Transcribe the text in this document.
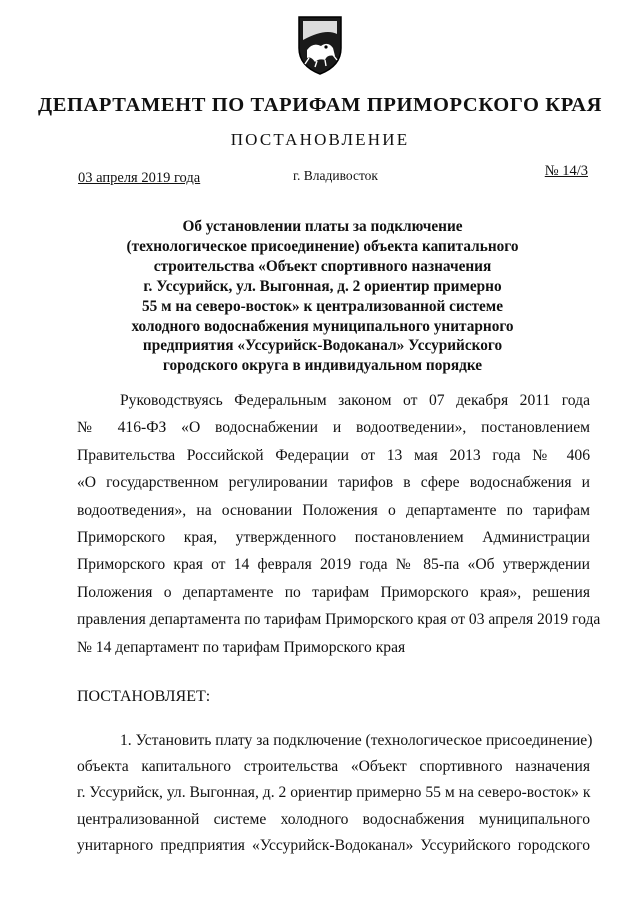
ДЕПАРТАМЕНТ ПО ТАРИФАМ ПРИМОРСКОГО КРАЯ
ПОСТАНОВЛЕНИЕ
03 апреля 2019 года	г. Владивосток	№ 14/3
Об установлении платы за подключение
(технологическое присоединение) объекта капитального
строительства «Объект спортивного назначения
г. Уссурийск, ул. Выгонная, д. 2 ориентир примерно
55 м на северо-восток» к централизованной системе
холодного водоснабжения муниципального унитарного
предприятия «Уссурийск-Водоканал» Уссурийского
городского округа в индивидуальном порядке
Руководствуясь Федеральным законом от 07 декабря 2011 года
№ 416-ФЗ «О водоснабжении и водоотведении», постановлением
Правительства Российской Федерации от 13 мая 2013 года № 406
«О государственном регулировании тарифов в сфере водоснабжения и
водоотведения», на основании Положения о департаменте по тарифам
Приморского края, утвержденного постановлением Администрации
Приморского края от 14 февраля 2019 года № 85-па «Об утверждении
Положения о департаменте по тарифам Приморского края», решения
правления департамента по тарифам Приморского края от 03 апреля 2019 года
№ 14 департамент по тарифам Приморского края
ПОСТАНОВЛЯЕТ:
1. Установить плату за подключение (технологическое присоединение)
объекта капитального строительства «Объект спортивного назначения
г. Уссурийск, ул. Выгонная, д. 2 ориентир примерно 55 м на северо-восток» к
централизованной системе холодного водоснабжения муниципального
унитарного предприятия «Уссурийск-Водоканал» Уссурийского городского
